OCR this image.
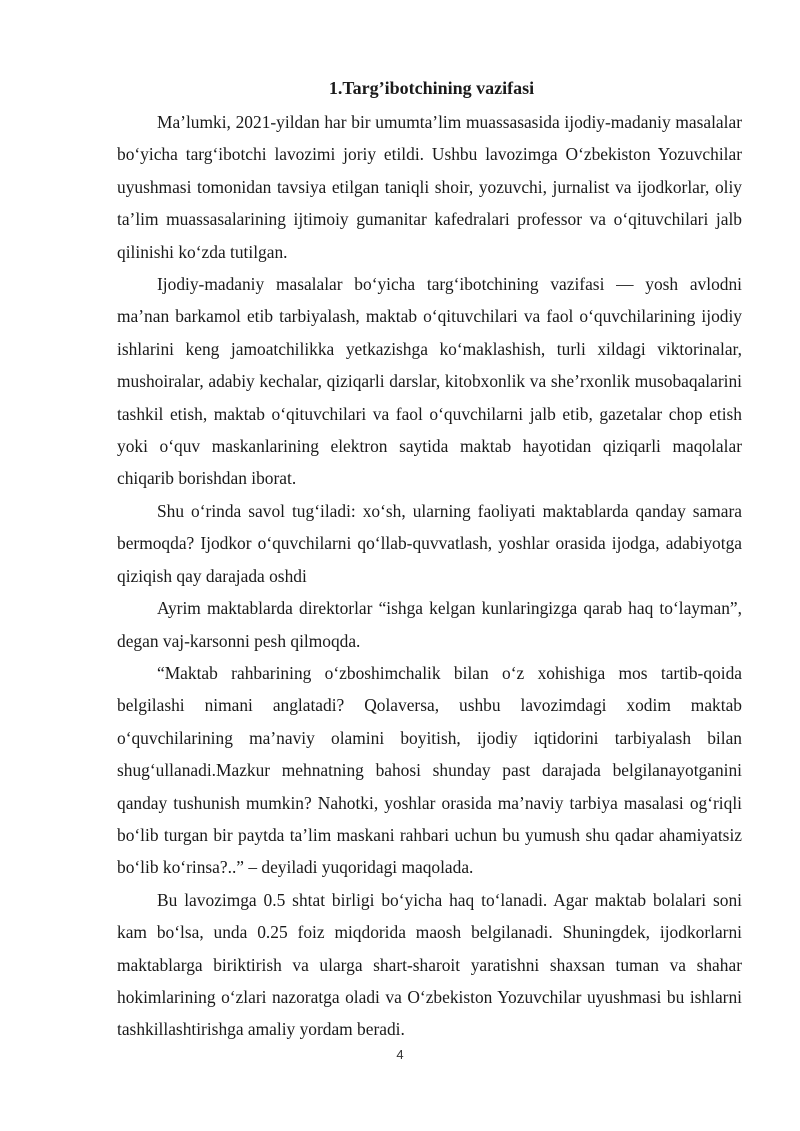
1.Targ’ibotchining vazifasi

Ma’lumki, 2021-yildan har bir umumta’lim muassasasida ijodiy-madaniy masalalar bo‘yicha targ‘ibotchi lavozimi joriy etildi. Ushbu lavozimga O‘zbekiston Yozuvchilar uyushmasi tomonidan tavsiya etilgan taniqli shoir, yozuvchi, jurnalist va ijodkorlar, oliy ta’lim muassasalarining ijtimoiy gumanitar kafedralari professor va o‘qituvchilari jalb qilinishi ko‘zda tutilgan.

Ijodiy-madaniy masalalar bo‘yicha targ‘ibotchining vazifasi — yosh avlodni ma’nan barkamol etib tarbiyalash, maktab o‘qituvchilari va faol o‘quvchilarining ijodiy ishlarini keng jamoatchilikka yetkazishga ko‘maklashish, turli xildagi viktorinalar, mushoiralar, adabiy kechalar, qiziqarli darslar, kitobxonlik va she’rxonlik musobaqalarini tashkil etish, maktab o‘qituvchilari va faol o‘quvchilarni jalb etib, gazetalar chop etish yoki o‘quv maskanlarining elektron saytida maktab hayotidan qiziqarli maqolalar chiqarib borishdan iborat.

Shu o‘rinda savol tug‘iladi: xo‘sh, ularning faoliyati maktablarda qanday samara bermoqda? Ijodkor o‘quvchilarni qo‘llab-quvvatlash, yoshlar orasida ijodga, adabiyotga qiziqish qay darajada oshdi

Ayrim maktablarda direktorlar “ishga kelgan kunlaringizga qarab haq to‘layman”, degan vaj-karsonni pesh qilmoqda.

“Maktab rahbarining o‘zboshimchalik bilan o‘z xohishiga mos tartib-qoida belgilashi nimani anglatadi? Qolaversa, ushbu lavozimdagi xodim maktab o‘quvchilarining ma’naviy olamini boyitish, ijodiy iqtidorini tarbiyalash bilan shug‘ullanadi.Mazkur mehnatning bahosi shunday past darajada belgilanayotganini qanday tushunish mumkin? Nahotki, yoshlar orasida ma’naviy tarbiya masalasi og‘riqli bo‘lib turgan bir paytda ta’lim maskani rahbari uchun bu yumush shu qadar ahamiyatsiz bo‘lib ko‘rinsa?..” – deyiladi yuqoridagi maqolada.

Bu lavozimga 0.5 shtat birligi bo‘yicha haq to‘lanadi. Agar maktab bolalari soni kam bo‘lsa, unda 0.25 foiz miqdorida maosh belgilanadi. Shuningdek, ijodkorlarni maktablarga biriktirish va ularga shart-sharoit yaratishni shaxsan tuman va shahar hokimlarining o‘zlari nazoratga oladi va O‘zbekiston Yozuvchilar uyushmasi bu ishlarni tashkillashtirishga amaliy yordam beradi.

4
